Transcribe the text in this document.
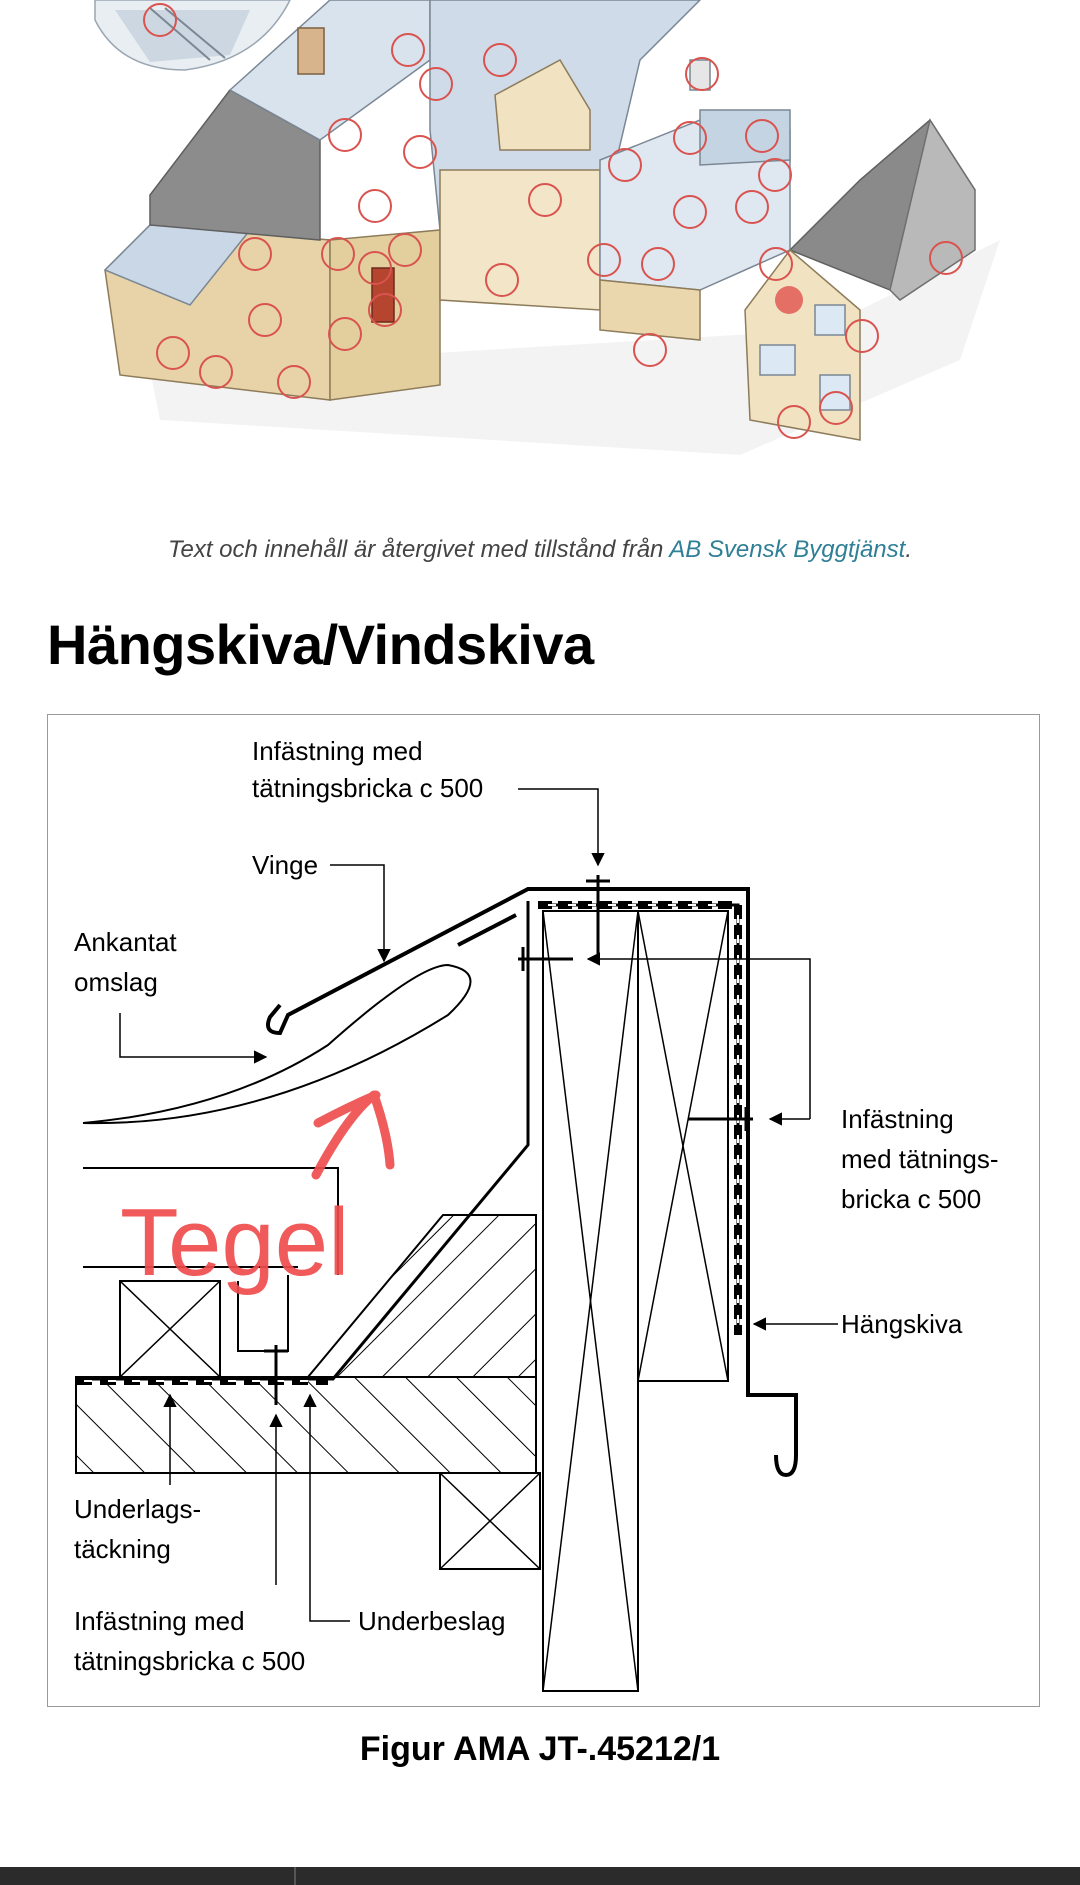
Text och innehåll är återgivet med tillstånd från AB Svensk Byggtjänst.
Hängskiva/Vindskiva
Infästning med
tätningsbricka c 500
Vinge
Ankantat
omslag
Infästning
med tätnings-
bricka c 500
Hängskiva
Underlags-
täckning
Infästning med
tätningsbricka c 500
Underbeslag
Tegel
Figur AMA JT-.45212/1
